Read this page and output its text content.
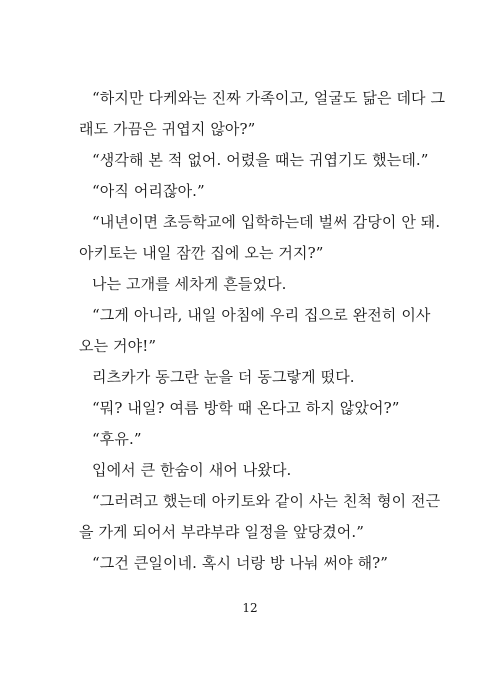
“하지만 다케와는 진짜 가족이고, 얼굴도 닮은 데다 그
래도 가끔은 귀엽지 않아?”
“생각해 본 적 없어. 어렸을 때는 귀엽기도 했는데.”
“아직 어리잖아.”
“내년이면 초등학교에 입학하는데 벌써 감당이 안 돼.
아키토는 내일 잠깐 집에 오는 거지?”
나는 고개를 세차게 흔들었다.
“그게 아니라, 내일 아침에 우리 집으로 완전히 이사
오는 거야!”
리츠카가 동그란 눈을 더 동그랗게 떴다.
“뭐? 내일? 여름 방학 때 온다고 하지 않았어?”
“후유.”
입에서 큰 한숨이 새어 나왔다.
“그러려고 했는데 아키토와 같이 사는 친척 형이 전근
을 가게 되어서 부랴부랴 일정을 앞당겼어.”
“그건 큰일이네. 혹시 너랑 방 나눠 써야 해?”
12
